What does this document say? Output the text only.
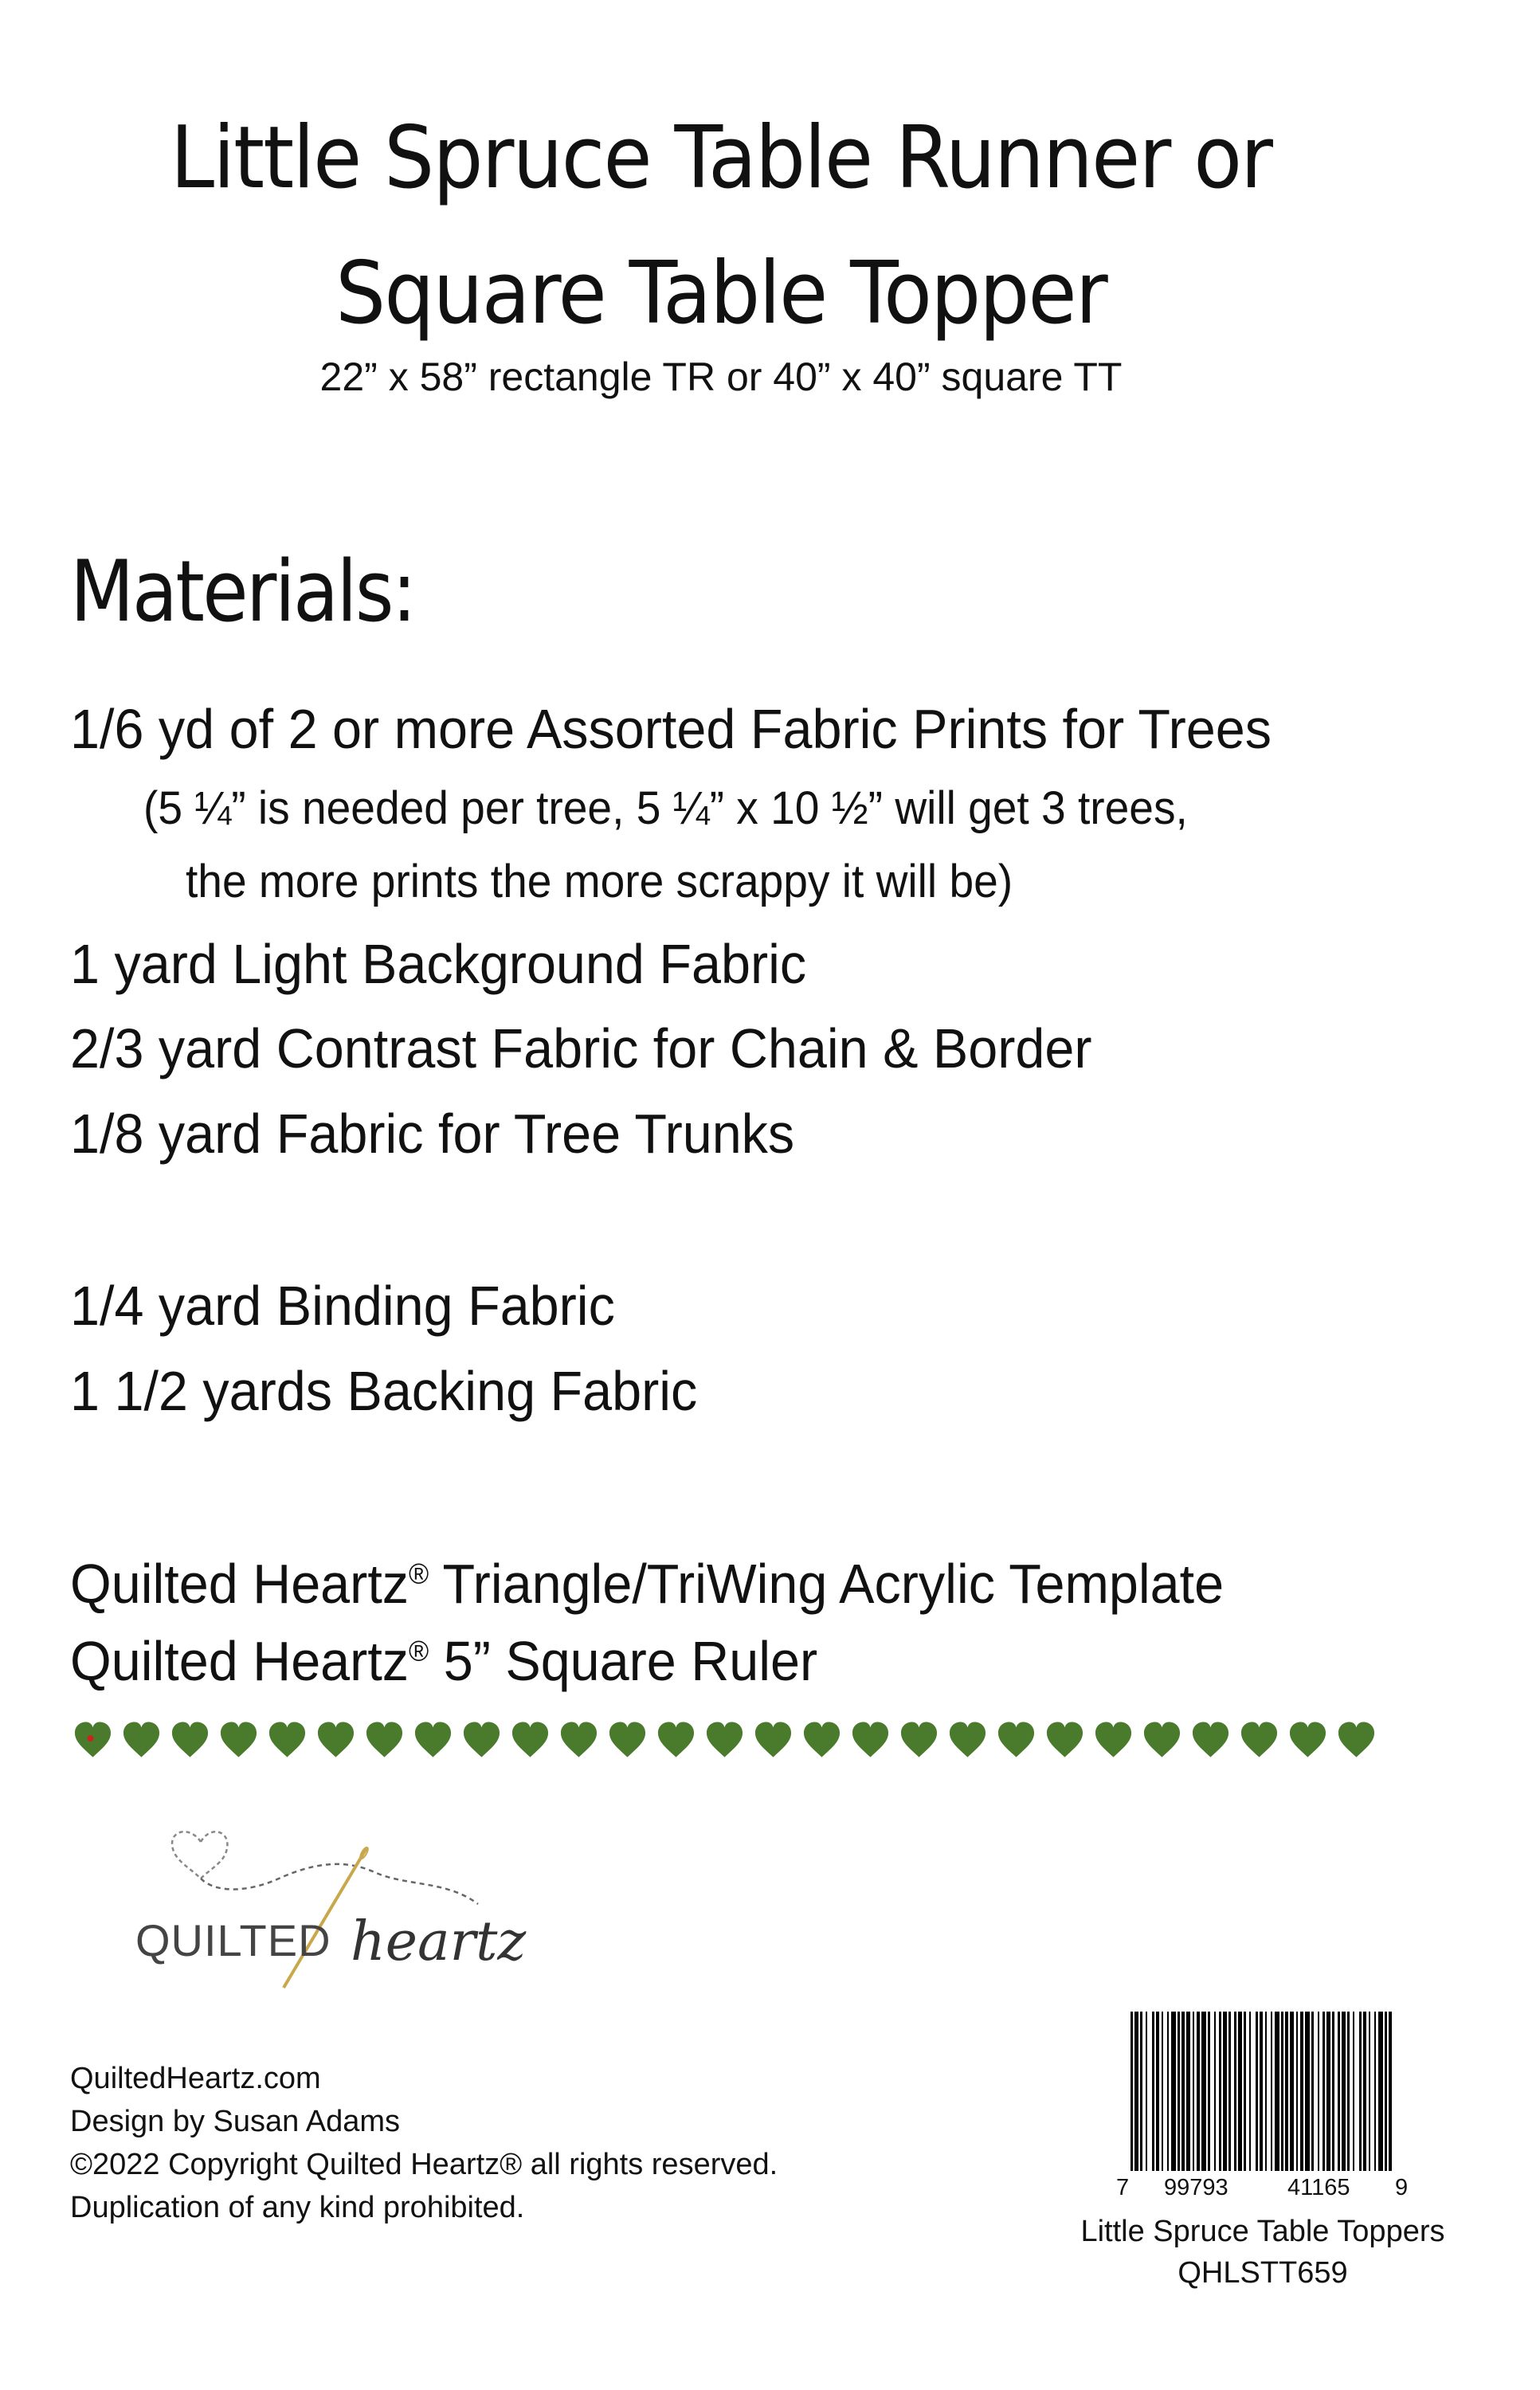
Little Spruce Table Runner or
Square Table Topper
22” x 58” rectangle TR or 40” x 40” square TT
Materials:
1/6 yd of 2 or more Assorted Fabric Prints for Trees
(5 ¼” is needed per tree, 5 ¼” x 10 ½” will get 3 trees,
the more prints the more scrappy it will be)
1 yard Light Background Fabric
2/3 yard Contrast Fabric for Chain & Border
1/8 yard Fabric for Tree Trunks
1/4 yard Binding Fabric
1 1/2 yards Backing Fabric
Quilted Heartz® Triangle/TriWing Acrylic Template
Quilted Heartz® 5” Square Ruler
QUILTED heartz
QuiltedHeartz.com
Design by Susan Adams
©2022 Copyright Quilted Heartz® all rights reserved.
Duplication of any kind prohibited.
7 99793	41165 9
Little Spruce Table Toppers
QHLSTT659
